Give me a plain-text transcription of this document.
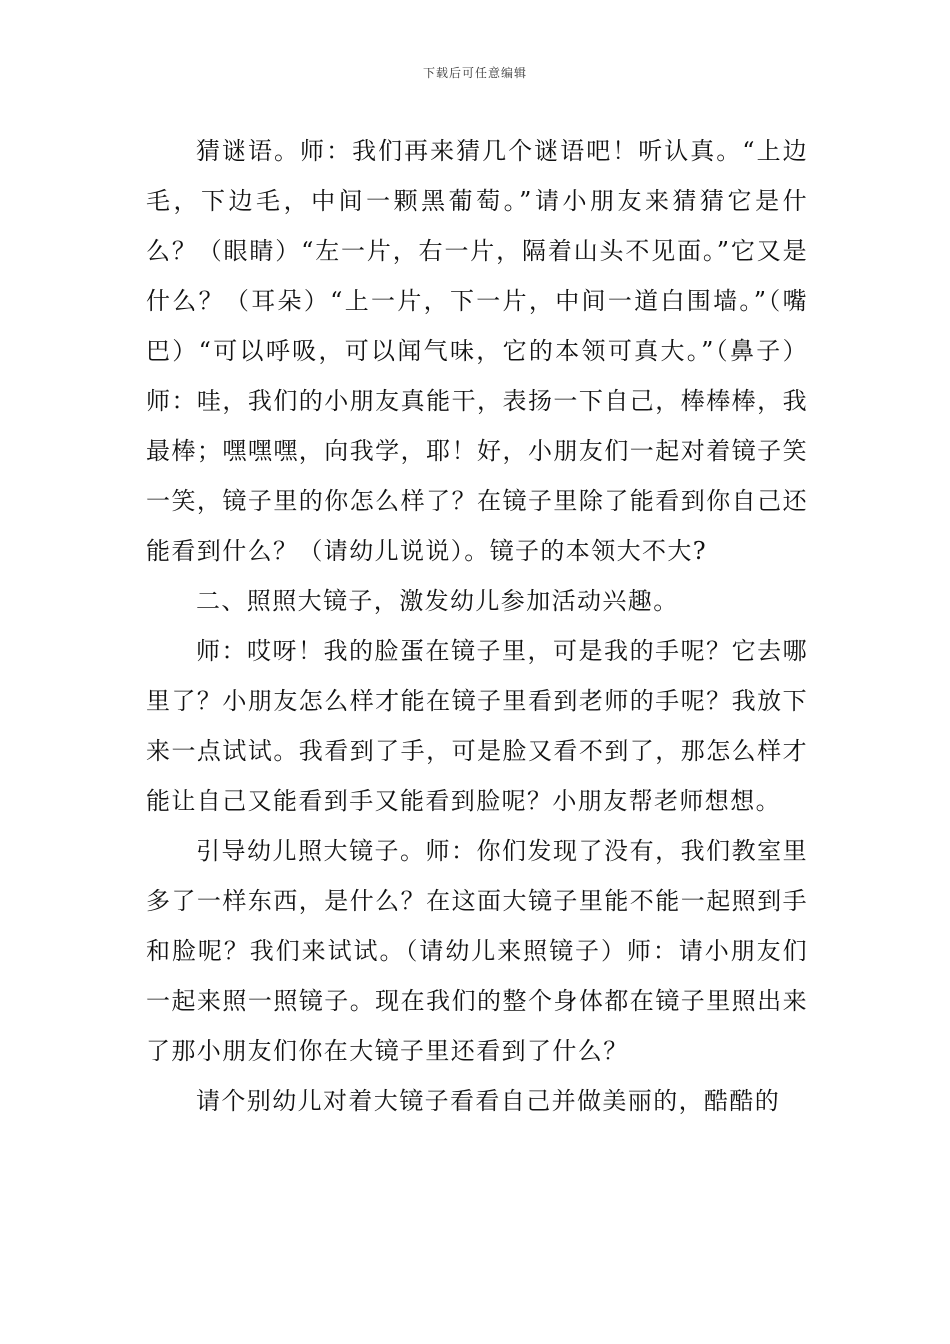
下载后可任意编辑

猜谜语。师：我们再来猜几个谜语吧！听认真。“上边毛，下边毛，中间一颗黑葡萄。”请小朋友来猜猜它是什么？（眼睛）“左一片，右一片，隔着山头不见面。”它又是什么？（耳朵）“上一片，下一片，中间一道白围墙。”（嘴巴）“可以呼吸，可以闻气味，它的本领可真大。”（鼻子）师：哇，我们的小朋友真能干，表扬一下自己，棒棒棒，我最棒；嘿嘿嘿，向我学，耶！好，小朋友们一起对着镜子笑一笑，镜子里的你怎么样了？在镜子里除了能看到你自己还能看到什么？（请幼儿说说）。镜子的本领大不大?

二、照照大镜子，激发幼儿参加活动兴趣。

师：哎呀！我的脸蛋在镜子里，可是我的手呢？它去哪里了？小朋友怎么样才能在镜子里看到老师的手呢？我放下来一点试试。我看到了手，可是脸又看不到了，那怎么样才能让自己又能看到手又能看到脸呢？小朋友帮老师想想。

引导幼儿照大镜子。师：你们发现了没有，我们教室里多了一样东西，是什么？在这面大镜子里能不能一起照到手和脸呢？我们来试试。（请幼儿来照镜子）师：请小朋友们一起来照一照镜子。现在我们的整个身体都在镜子里照出来了那小朋友们你在大镜子里还看到了什么？

请个别幼儿对着大镜子看看自己并做美丽的，酷酷的
